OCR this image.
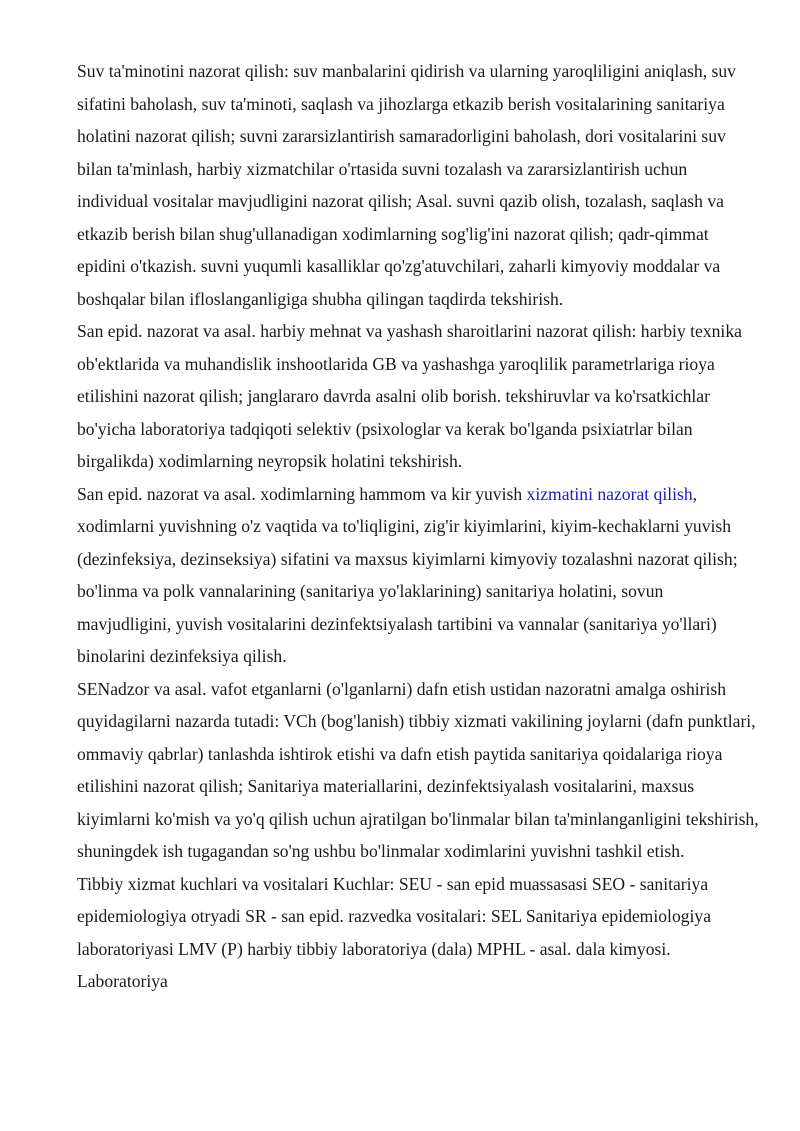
Suv ta'minotini nazorat qilish: suv manbalarini qidirish va ularning yaroqliligini aniqlash, suv sifatini baholash, suv ta'minoti, saqlash va jihozlarga etkazib berish vositalarining sanitariya holatini nazorat qilish; suvni zararsizlantirish samaradorligini baholash, dori vositalarini suv bilan ta'minlash, harbiy xizmatchilar o'rtasida suvni tozalash va zararsizlantirish uchun individual vositalar mavjudligini nazorat qilish; Asal. suvni qazib olish, tozalash, saqlash va etkazib berish bilan shug'ullanadigan xodimlarning sog'lig'ini nazorat qilish; qadr-qimmat epidini o'tkazish. suvni yuqumli kasalliklar qo'zg'atuvchilari, zaharli kimyoviy moddalar va boshqalar bilan ifloslanganligiga shubha qilingan taqdirda tekshirish.

San epid. nazorat va asal. harbiy mehnat va yashash sharoitlarini nazorat qilish: harbiy texnika ob'ektlarida va muhandislik inshootlarida GB va yashashga yaroqlilik parametrlariga rioya etilishini nazorat qilish; janglararo davrda asalni olib borish. tekshiruvlar va ko'rsatkichlar bo'yicha laboratoriya tadqiqoti selektiv (psixologlar va kerak bo'lganda psixiatrlar bilan birgalikda) xodimlarning neyropsik holatini tekshirish.

San epid. nazorat va asal. xodimlarning hammom va kir yuvish xizmatini nazorat qilish, xodimlarni yuvishning o'z vaqtida va to'liqligini, zig'ir kiyimlarini, kiyim-kechaklarni yuvish (dezinfeksiya, dezinseksiya) sifatini va maxsus kiyimlarni kimyoviy tozalashni nazorat qilish; bo'linma va polk vannalarining (sanitariya yo'laklarining) sanitariya holatini, sovun mavjudligini, yuvish vositalarini dezinfektsiyalash tartibini va vannalar (sanitariya yo'llari) binolarini dezinfeksiya qilish.

SENadzor va asal. vafot etganlarni (o'lganlarni) dafn etish ustidan nazoratni amalga oshirish quyidagilarni nazarda tutadi: VCh (bog'lanish) tibbiy xizmati vakilining joylarni (dafn punktlari, ommaviy qabrlar) tanlashda ishtirok etishi va dafn etish paytida sanitariya qoidalariga rioya etilishini nazorat qilish; Sanitariya materiallarini, dezinfektsiyalash vositalarini, maxsus kiyimlarni ko'mish va yo'q qilish uchun ajratilgan bo'linmalar bilan ta'minlanganligini tekshirish, shuningdek ish tugagandan so'ng ushbu bo'linmalar xodimlarini yuvishni tashkil etish.

Tibbiy xizmat kuchlari va vositalari Kuchlar: SEU - san epid muassasasi SEO - sanitariya epidemiologiya otryadi SR - san epid. razvedka vositalari: SEL Sanitariya epidemiologiya laboratoriyasi LMV (P) harbiy tibbiy laboratoriya (dala) MPHL - asal. dala kimyosi. Laboratoriya
